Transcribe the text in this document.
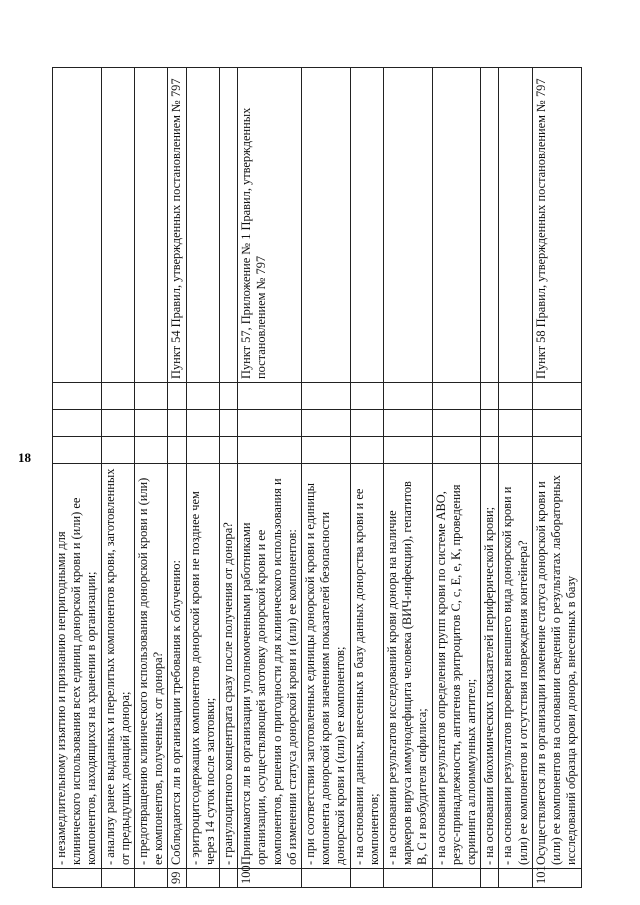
18
	- незамедлительному изъятию и признанию непригодными для клинического использования всех единиц донорской крови и (или) ее компонентов, находящихся на хранении в организации;				
	- анализу ранее выданных и перелитых компонентов крови, заготовленных от предыдущих донаций донора;				
	- предотвращению клинического использования донорской крови и (или) ее компонентов, полученных от донора?				
99	Соблюдаются ли в организации требования к облучению:				Пункт 54 Правил, утвержденных постановлением № 797
	- эритроцитсодержащих компонентов донорской крови не позднее чем через 14 суток после заготовки;				
	- гранулоцитного концентрата сразу после получения от донора?				
100	Принимаются ли в организации уполномоченными работниками организации, осуществляющей заготовку донорской крови и ее компонентов, решения о пригодности для клинического использования и об изменении статуса донорской крови и (или) ее компонентов:				Пункт 57, Приложение № 1 Правил, утвержденных постановлением № 797
	- при соответствии заготовленных единицы донорской крови и единицы компонента донорской крови значениям показателей безопасности донорской крови и (или) ее компонентов;				
	- на основании данных, внесенных в базу данных донорства крови и ее компонентов;				
	- на основании результатов исследований крови донора на наличие маркеров вируса иммунодефицита человека (ВИЧ-инфекции), гепатитов В, С и возбудителя сифилиса;				
	- на основании результатов определения групп крови по системе АВО, резус-принадлежности, антигенов эритроцитов С, с, Е, е, К, проведения скрининга аллоиммунных антител;				
	- на основании биохимических показателей периферической крови;				
	- на основании результатов проверки внешнего вида донорской крови и (или) ее компонентов и отсутствия повреждения контейнера?				
101	Осуществляется ли в организации изменение статуса донорской крови и (или) ее компонентов на основании сведений о результатах лабораторных исследований образца крови донора, внесенных в базу				Пункт 58 Правил, утвержденных постановлением № 797
